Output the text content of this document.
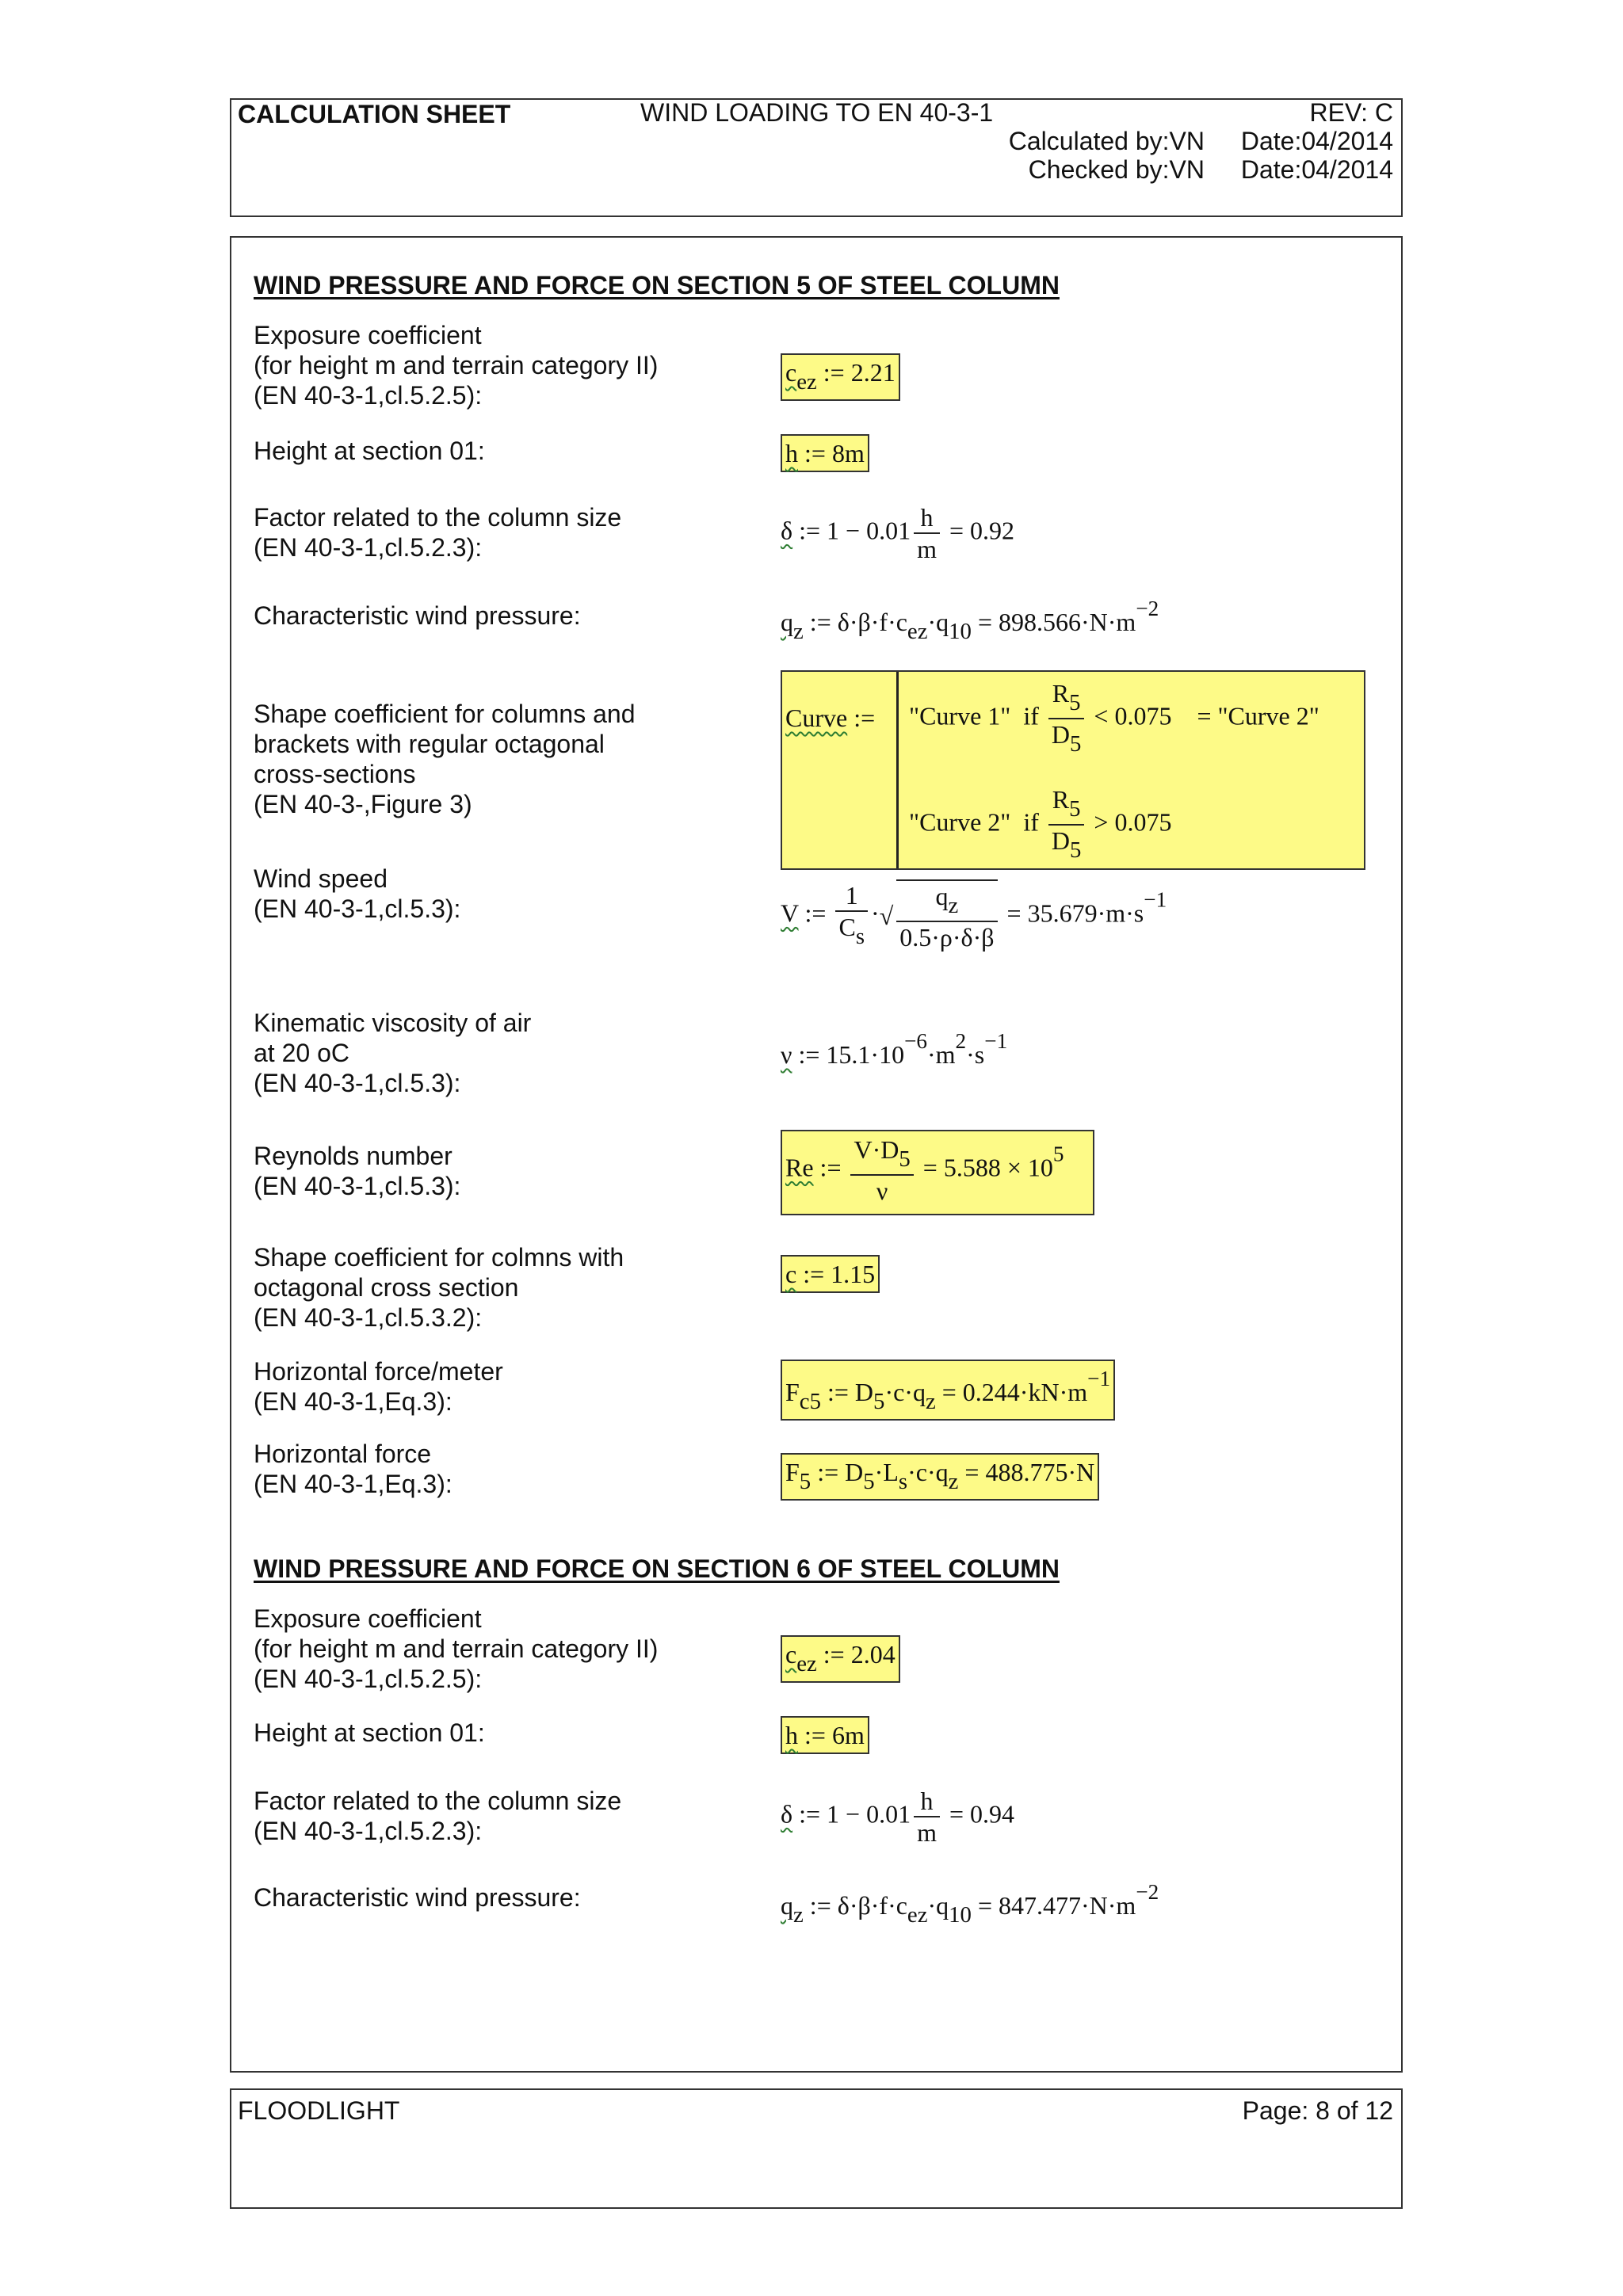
CALCULATION SHEET	WIND LOADING TO EN 40-3-1	REV: C
Calculated by:VN	Date:04/2014
Checked by:VN	Date:04/2014
WIND PRESSURE AND FORCE ON SECTION 5 OF STEEL COLUMN
Exposure coefficient
(for height m and terrain category II)
(EN 40-3-1,cl.5.2.5):
$c_{ez}$ := 2.21
Height at section 01:	h := 8m
Factor related to the column size
(EN 40-3-1,cl.5.2.3):
δ := $1 - 0.01 \frac{h}{m} = 0.92$
Characteristic wind pressure:	$q_z$ := $\delta\cdot\beta\cdot f\cdot c_{ez}\cdot q_{10} = 898.566\cdot N\cdot m^{-2}$
Shape coefficient for columns and
brackets with regular octagonal
cross-sections
(EN 40-3-,Figure 3)
Curve := "Curve 1"  if $\frac{R_5}{D_5} < 0.075$ = "Curve 2"
"Curve 2"  if $\frac{R_5}{D_5} > 0.075$
Wind speed
(EN 40-3-1,cl.5.3):	V := $\frac{1}{C_s}$ ·√ $\frac{q_z}{0.5\cdot\rho\cdot\delta\cdot\beta} = 35.679\cdot m\cdot s^{-1}$
Kinematic viscosity of air
at 20 oC
(EN 40-3-1,cl.5.3):
ν := $15.1\cdot 10^{-6}\cdot m^2\cdot s^{-1}$
Reynolds number
(EN 40-3-1,cl.5.3):
Re := $\frac{V\cdot D_5}{\nu} = 5.588 \times 10^5$
Shape coefficient for colmns with
octagonal cross section
(EN 40-3-1,cl.5.3.2):
c := 1.15
Horizontal force/meter
(EN 40-3-1,Eq.3):	$F_{c5}$ := $D_5\cdot c\cdot q_z = 0.244\cdot kN\cdot m^{-1}$
Horizontal force
(EN 40-3-1,Eq.3):	$F_5$ := $D_5\cdot L_s\cdot c\cdot q_z = 488.775\cdot N$
WIND PRESSURE AND FORCE ON SECTION 6 OF STEEL COLUMN
Exposure coefficient
(for height m and terrain category II)
(EN 40-3-1,cl.5.2.5):
$c_{ez}$ := 2.04
Height at section 01:	h := 6m
Factor related to the column size
(EN 40-3-1,cl.5.2.3):
δ := $1 - 0.01 \frac{h}{m} = 0.94$
Characteristic wind pressure:	$q_z$ := $\delta\cdot\beta\cdot f\cdot c_{ez}\cdot q_{10} = 847.477\cdot N\cdot m^{-2}$
FLOODLIGHT	Page: 8 of 12
